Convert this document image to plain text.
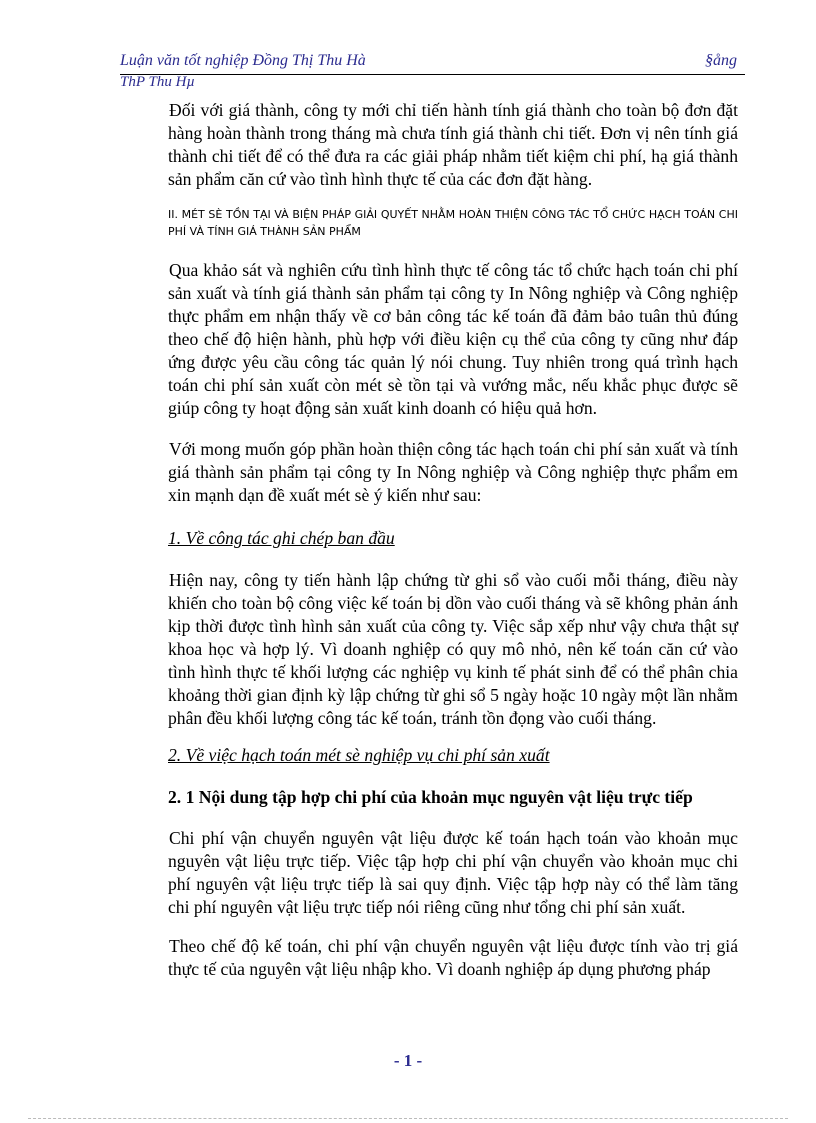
Luận văn tốt nghiệp Đồng Thị Thu Hà	§ång
ThP Thu Hµ

Đối với giá thành, công ty mới chỉ tiến hành tính giá thành cho toàn bộ đơn đặt hàng hoàn thành trong tháng mà chưa tính giá thành chi tiết. Đơn vị nên tính giá thành chi tiết để có thể đưa ra các giải pháp nhằm tiết kiệm chi phí, hạ giá thành sản phẩm căn cứ vào tình hình thực tế của các đơn đặt hàng.

II. MÉT SÈ TỒN TẠI VÀ BIỆN PHÁP GIẢI QUYẾT NHẰM HOÀN THIỆN CÔNG TÁC TỔ CHỨC HẠCH TOÁN CHI PHÍ VÀ TÍNH GIÁ THÀNH SẢN PHẨM

Qua khảo sát và nghiên cứu tình hình thực tế công tác tổ chức hạch toán chi phí sản xuất và tính giá thành sản phẩm tại công ty In Nông nghiệp và Công nghiệp thực phẩm em nhận thấy về cơ bản công tác kế toán đã đảm bảo tuân thủ đúng theo chế độ hiện hành, phù hợp với điều kiện cụ thể của công ty cũng như đáp ứng được yêu cầu công tác quản lý nói chung. Tuy nhiên trong quá trình hạch toán chi phí sản xuất còn mét sè tồn tại và vướng mắc, nếu khắc phục được sẽ giúp công ty hoạt động sản xuất kinh doanh có hiệu quả hơn.

Với mong muốn góp phần hoàn thiện công tác hạch toán chi phí sản xuất và tính giá thành sản phẩm tại công ty In Nông nghiệp và Công nghiệp thực phẩm em xin mạnh dạn đề xuất mét sè ý kiến như sau:

1. Về công tác ghi chép ban đầu

Hiện nay, công ty tiến hành lập chứng từ ghi sổ vào cuối mỗi tháng, điều này khiến cho toàn bộ công việc kế toán bị dồn vào cuối tháng và sẽ không phản ánh kịp thời được tình hình sản xuất của công ty. Việc sắp xếp như vậy chưa thật sự khoa học và hợp lý. Vì doanh nghiệp có quy mô nhỏ, nên kế toán căn cứ vào tình hình thực tế khối lượng các nghiệp vụ kinh tế phát sinh để có thể phân chia khoảng thời gian định kỳ lập chứng từ ghi sổ 5 ngày hoặc 10 ngày một lần nhằm phân đều khối lượng công tác kế toán, tránh tồn đọng vào cuối tháng.

2. Về việc hạch toán mét sè nghiệp vụ chi phí sản xuất

2. 1 Nội dung tập hợp chi phí của khoản mục nguyên vật liệu trực tiếp

Chi phí vận chuyển nguyên vật liệu được kế toán hạch toán vào khoản mục nguyên vật liệu trực tiếp. Việc tập hợp chi phí vận chuyển vào khoản mục chi phí nguyên vật liệu trực tiếp là sai quy định. Việc tập hợp này có thể làm tăng chi phí nguyên vật liệu trực tiếp nói riêng cũng như tổng chi phí sản xuất.

Theo chế độ kế toán, chi phí vận chuyển nguyên vật liệu được tính vào trị giá thực tế của nguyên vật liệu nhập kho. Vì doanh nghiệp áp dụng phương pháp

- 1 -
